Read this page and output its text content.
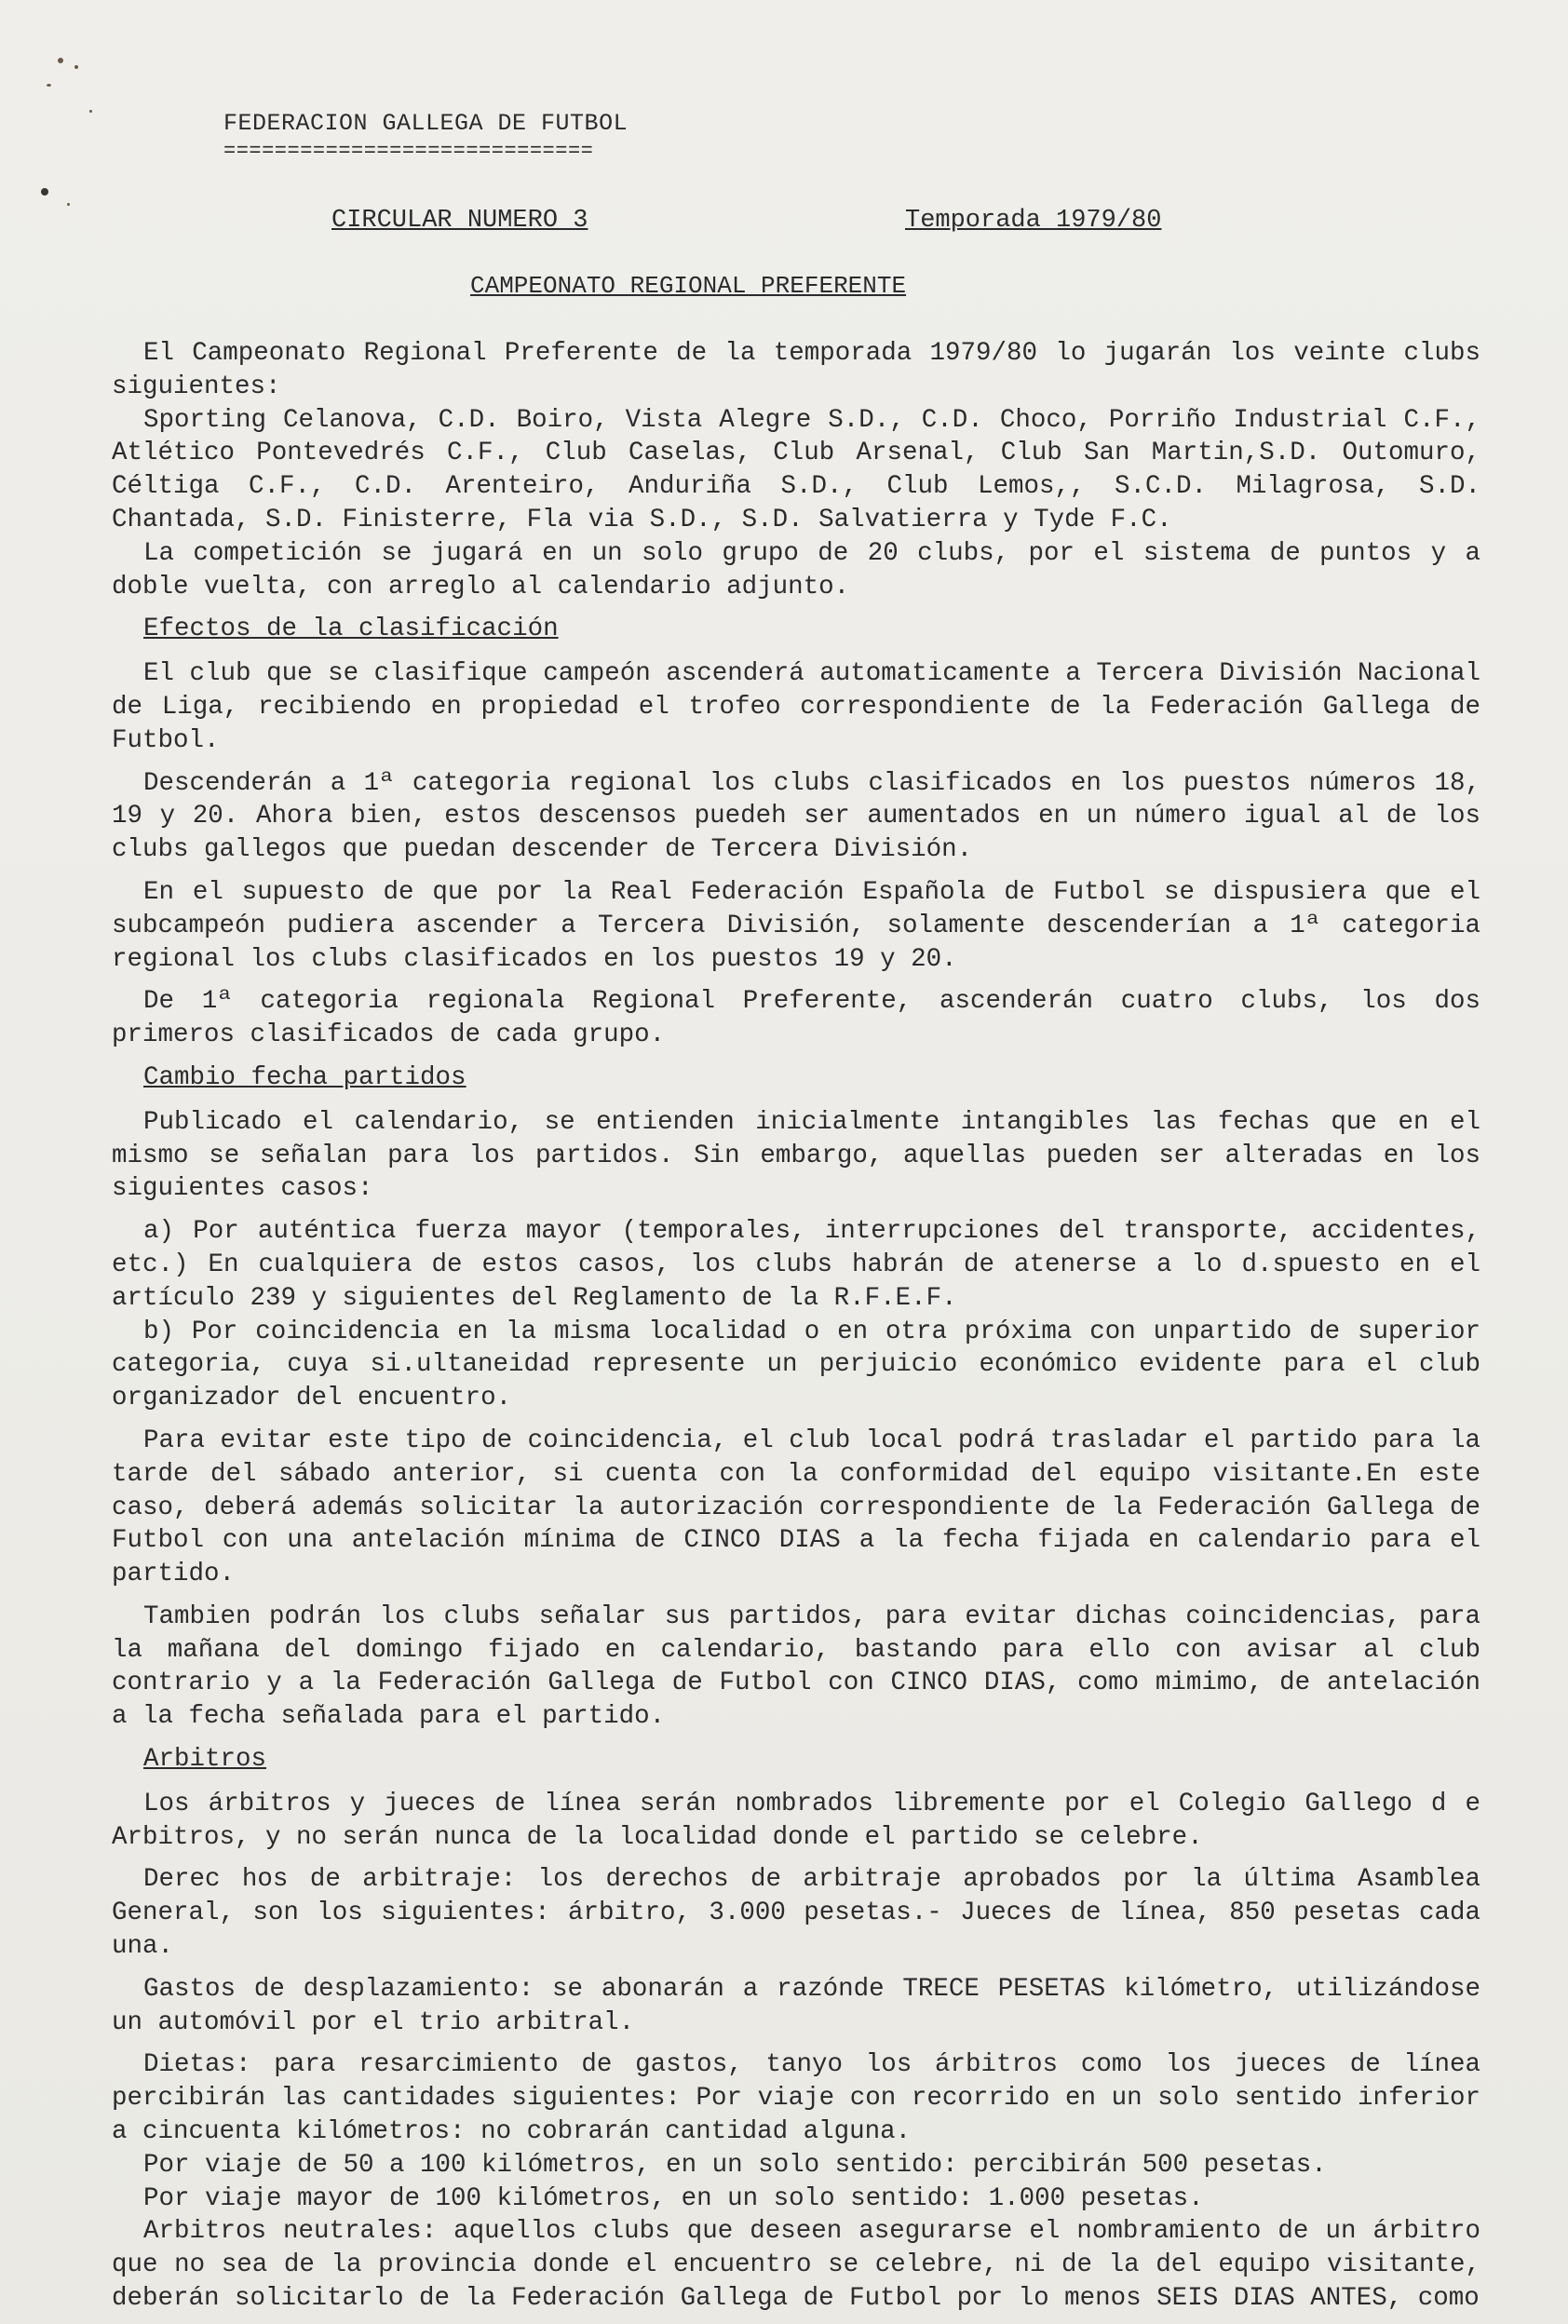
FEDERACION GALLEGA DE FUTBOL
=============================
CIRCULAR NUMERO 3	Temporada 1979/80
CAMPEONATO REGIONAL PREFERENTE

El Campeonato Regional Preferente de la temporada 1979/80 lo jugarán los veinte clubs siguientes:

Sporting Celanova, C.D. Boiro, Vista Alegre S.D., C.D. Choco, Porriño Industrial C.F., Atlético Pontevedrés C.F., Club Caselas, Club Arsenal, Club San Martin,S.D. Outomuro, Céltiga C.F., C.D. Arenteiro, Anduriña S.D., Club Lemos,, S.C.D. Milagrosa, S.D. Chantada, S.D. Finisterre, Fla via S.D., S.D. Salvatierra y Tyde F.C.

La competición se jugará en un solo grupo de 20 clubs, por el sistema de puntos y a doble vuelta, con arreglo al calendario adjunto.

Efectos de la clasificación

El club que se clasifique campeón ascenderá automaticamente a Tercera División Nacional de Liga, recibiendo en propiedad el trofeo correspondiente de la Federación Gallega de Futbol.

Descenderán a 1ª categoria regional los clubs clasificados en los puestos números 18, 19 y 20. Ahora bien, estos descensos puedeh ser aumentados en un número igual al de los clubs gallegos que puedan descender de Tercera División.

En el supuesto de que por la Real Federación Española de Futbol se dispusiera que el subcampeón pudiera ascender a Tercera División, solamente descenderían a 1ª categoria regional los clubs clasificados en los puestos 19 y 20.

De 1ª categoria regionala Regional Preferente, ascenderán cuatro clubs, los dos primeros clasificados de cada grupo.

Cambio fecha partidos

Publicado el calendario, se entienden inicialmente intangibles las fechas que en el mismo se señalan para los partidos. Sin embargo, aquellas pueden ser alteradas en los siguientes casos:

a) Por auténtica fuerza mayor (temporales, interrupciones del transporte, accidentes, etc.) En cualquiera de estos casos, los clubs habrán de atenerse a lo d.spuesto en el artículo 239 y siguientes del Reglamento de la R.F.E.F.

b) Por coincidencia en la misma localidad o en otra próxima con unpartido de superior categoria, cuya si.ultaneidad represente un perjuicio económico evidente para el club organizador del encuentro.

Para evitar este tipo de coincidencia, el club local podrá trasladar el partido para la tarde del sábado anterior, si cuenta con la conformidad del equipo visitante.En este caso, deberá además solicitar la autorización correspondiente de la Federación Gallega de Futbol con una antelación mínima de CINCO DIAS a la fecha fijada en calendario para el partido.

Tambien podrán los clubs señalar sus partidos, para evitar dichas coincidencias, para la mañana del domingo fijado en calendario, bastando para ello con avisar al club contrario y a la Federación Gallega de Futbol con CINCO DIAS, como mimimo, de antelación a la fecha señalada para el partido.

Arbitros

Los árbitros y jueces de línea serán nombrados libremente por el Colegio Gallego d e Arbitros, y no serán nunca de la localidad donde el partido se celebre.

Derec hos de arbitraje: los derechos de arbitraje aprobados por la última Asamblea General, son los siguientes: árbitro, 3.000 pesetas.- Jueces de línea, 850 pesetas cada una.

Gastos de desplazamiento: se abonarán a razónde TRECE PESETAS kilómetro, utilizándose un automóvil por el trio arbitral.

Dietas: para resarcimiento de gastos, tanyo los árbitros como los jueces de línea percibirán las cantidades siguientes: Por viaje con recorrido en un solo sentido inferior a cincuenta kilómetros: no cobrarán cantidad alguna.

Por viaje de 50 a 100 kilómetros, en un solo sentido: percibirán 500 pesetas.

Por viaje mayor de 100 kilómetros, en un solo sentido: 1.000 pesetas.

Arbitros neutrales: aquellos clubs que deseen asegurarse el nombramiento de un árbitro que no sea de la provincia donde el encuentro se celebre, ni de la del equipo visitante, deberán solicitarlo de la Federación Gallega de Futbol por lo menos SEIS DIAS ANTES, como
